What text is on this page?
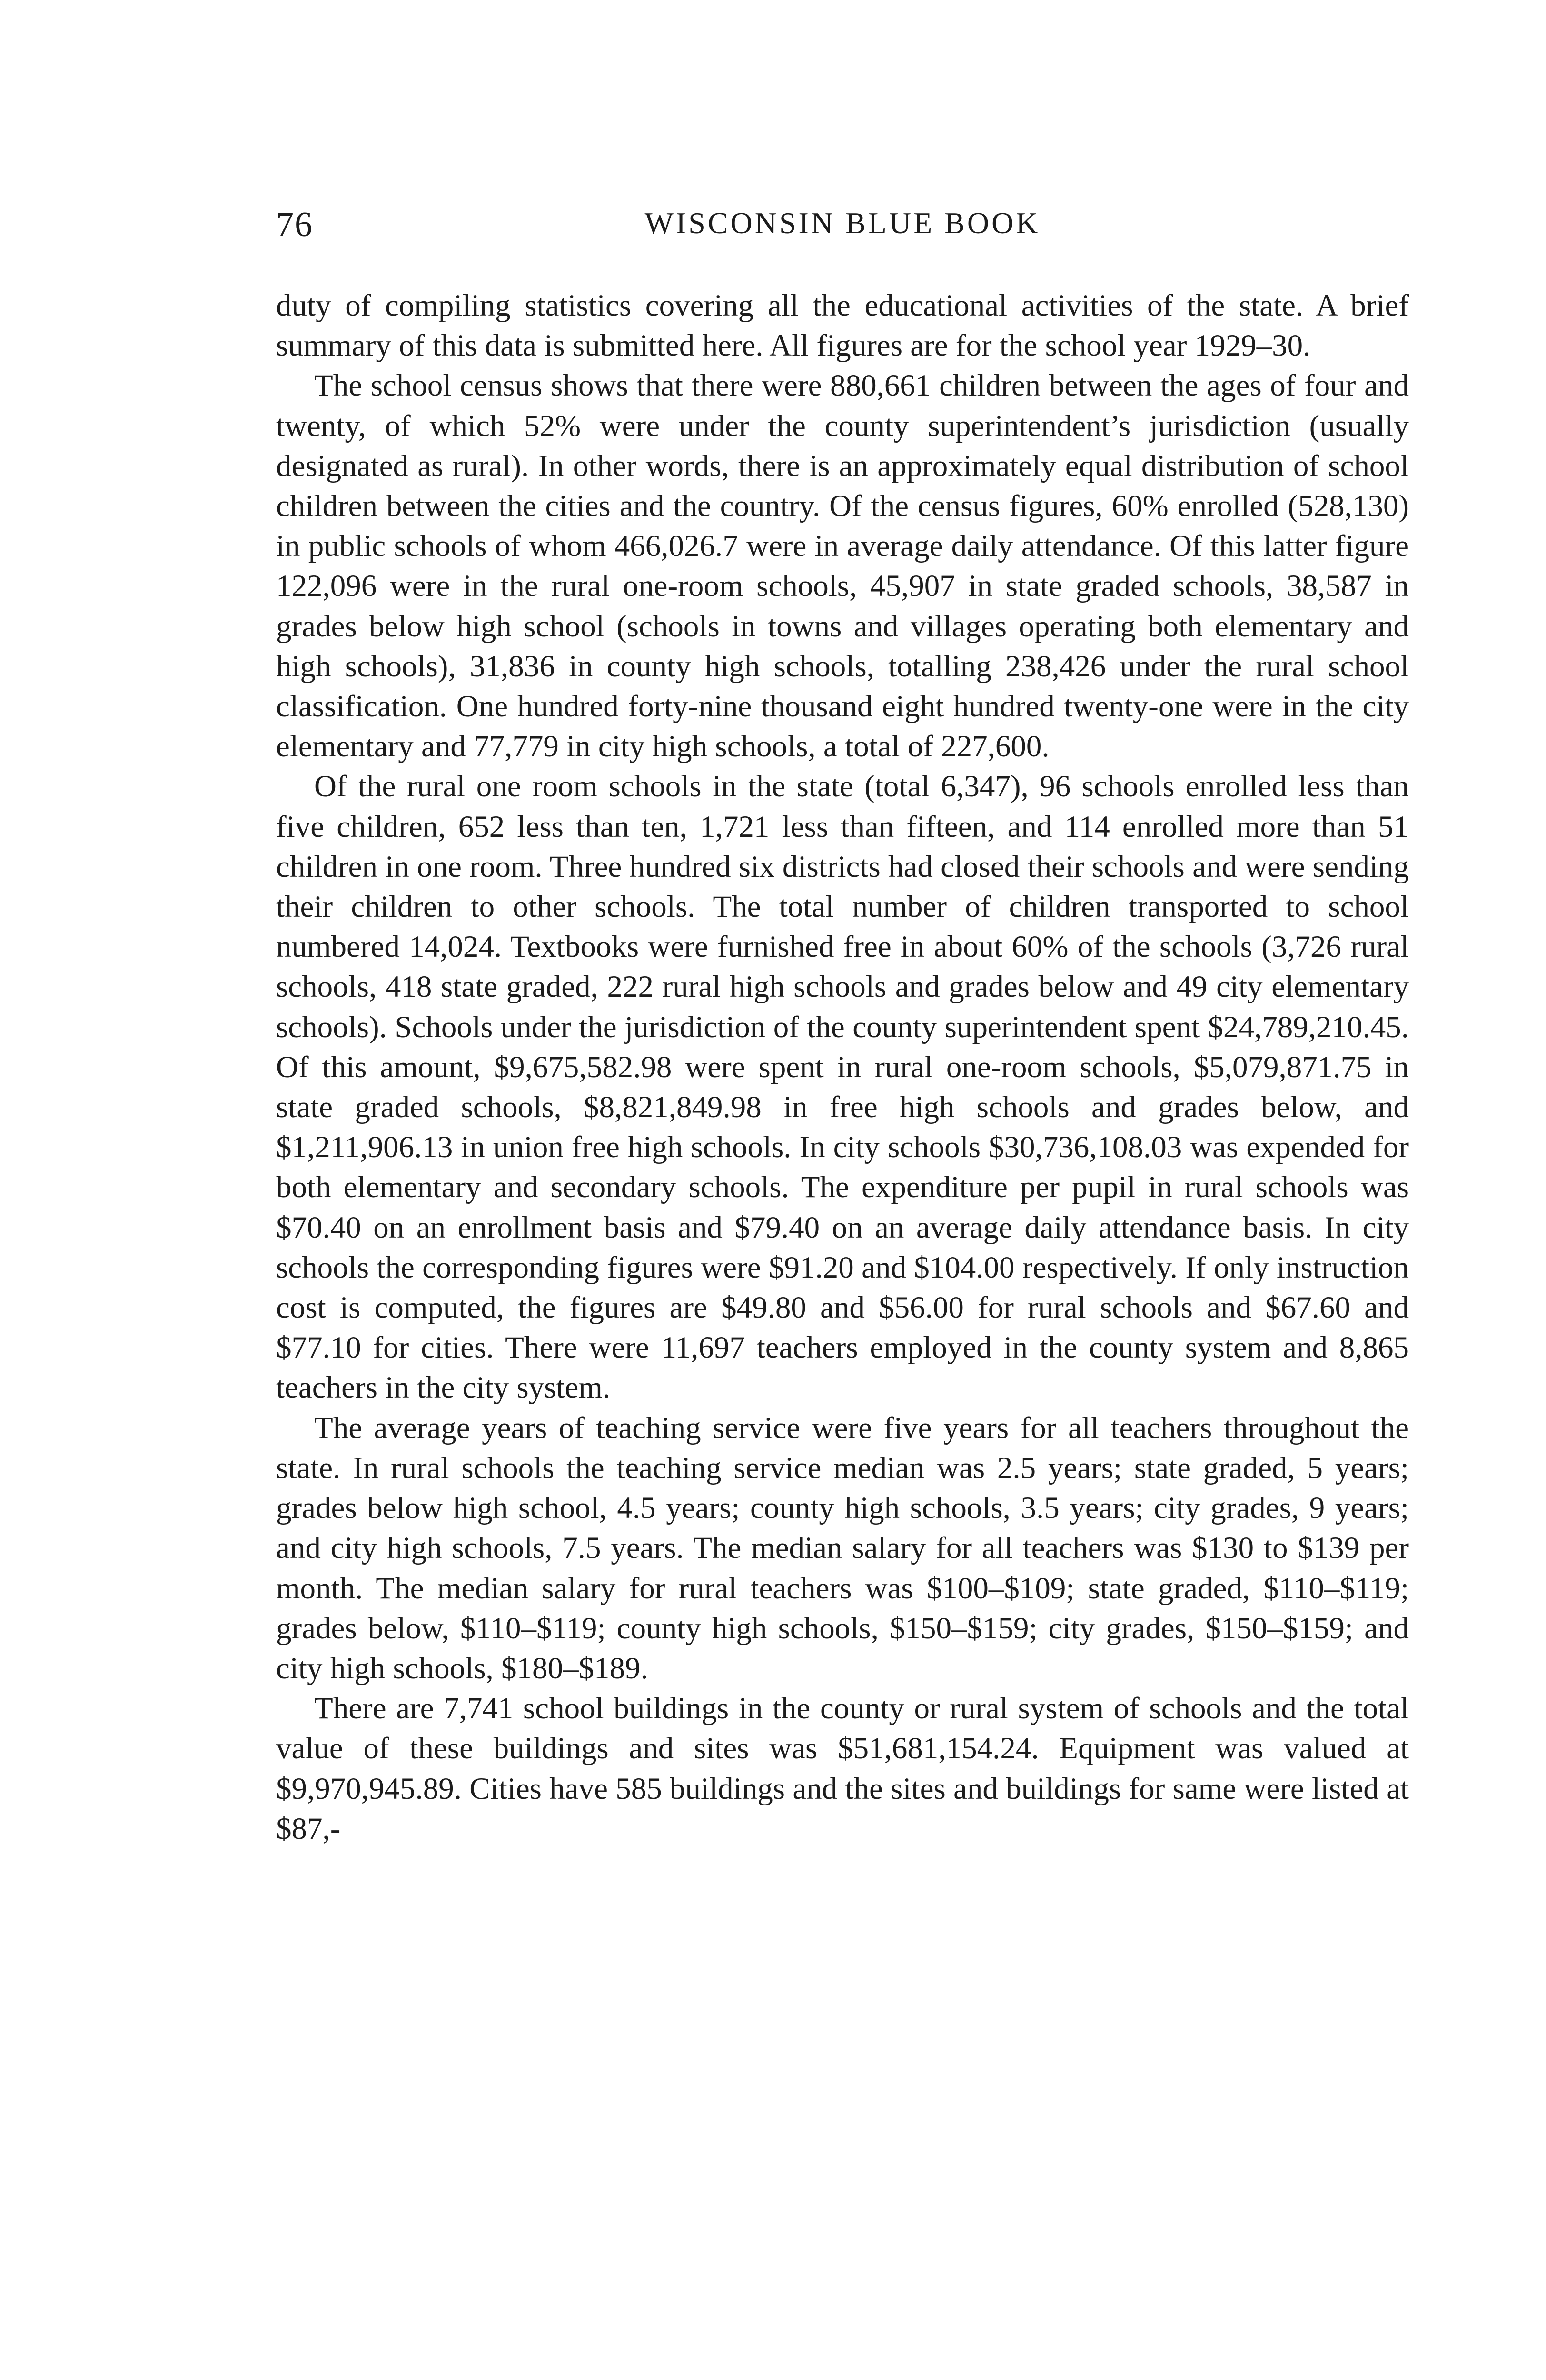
76	WISCONSIN BLUE BOOK

duty of compiling statistics covering all the educational activities of the state. A brief summary of this data is submitted here. All figures are for the school year 1929–30.

The school census shows that there were 880,661 children between the ages of four and twenty, of which 52% were under the county superintendent’s jurisdiction (usually designated as rural). In other words, there is an approximately equal distribution of school children between the cities and the country. Of the census figures, 60% enrolled (528,130) in public schools of whom 466,026.7 were in average daily attendance. Of this latter figure 122,096 were in the rural one-room schools, 45,907 in state graded schools, 38,587 in grades below high school (schools in towns and villages operating both elementary and high schools), 31,836 in county high schools, totalling 238,426 under the rural school classification. One hundred forty-nine thousand eight hundred twenty-one were in the city elementary and 77,779 in city high schools, a total of 227,600.

Of the rural one room schools in the state (total 6,347), 96 schools enrolled less than five children, 652 less than ten, 1,721 less than fifteen, and 114 enrolled more than 51 children in one room. Three hundred six districts had closed their schools and were sending their children to other schools. The total number of children transported to school numbered 14,024. Textbooks were furnished free in about 60% of the schools (3,726 rural schools, 418 state graded, 222 rural high schools and grades below and 49 city elementary schools). Schools under the jurisdiction of the county superintendent spent $24,789,210.45. Of this amount, $9,675,582.98 were spent in rural one-room schools, $5,079,871.75 in state graded schools, $8,821,849.98 in free high schools and grades below, and $1,211,906.13 in union free high schools. In city schools $30,736,108.03 was expended for both elementary and secondary schools. The expenditure per pupil in rural schools was $70.40 on an enrollment basis and $79.40 on an average daily attendance basis. In city schools the corresponding figures were $91.20 and $104.00 respectively. If only instruction cost is computed, the figures are $49.80 and $56.00 for rural schools and $67.60 and $77.10 for cities. There were 11,697 teachers employed in the county system and 8,865 teachers in the city system.

The average years of teaching service were five years for all teachers throughout the state. In rural schools the teaching service median was 2.5 years; state graded, 5 years; grades below high school, 4.5 years; county high schools, 3.5 years; city grades, 9 years; and city high schools, 7.5 years. The median salary for all teachers was $130 to $139 per month. The median salary for rural teachers was $100–$109; state graded, $110–$119; grades below, $110–$119; county high schools, $150–$159; city grades, $150–$159; and city high schools, $180–$189.

There are 7,741 school buildings in the county or rural system of schools and the total value of these buildings and sites was $51,681,154.24. Equipment was valued at $9,970,945.89. Cities have 585 buildings and the sites and buildings for same were listed at $87,-
